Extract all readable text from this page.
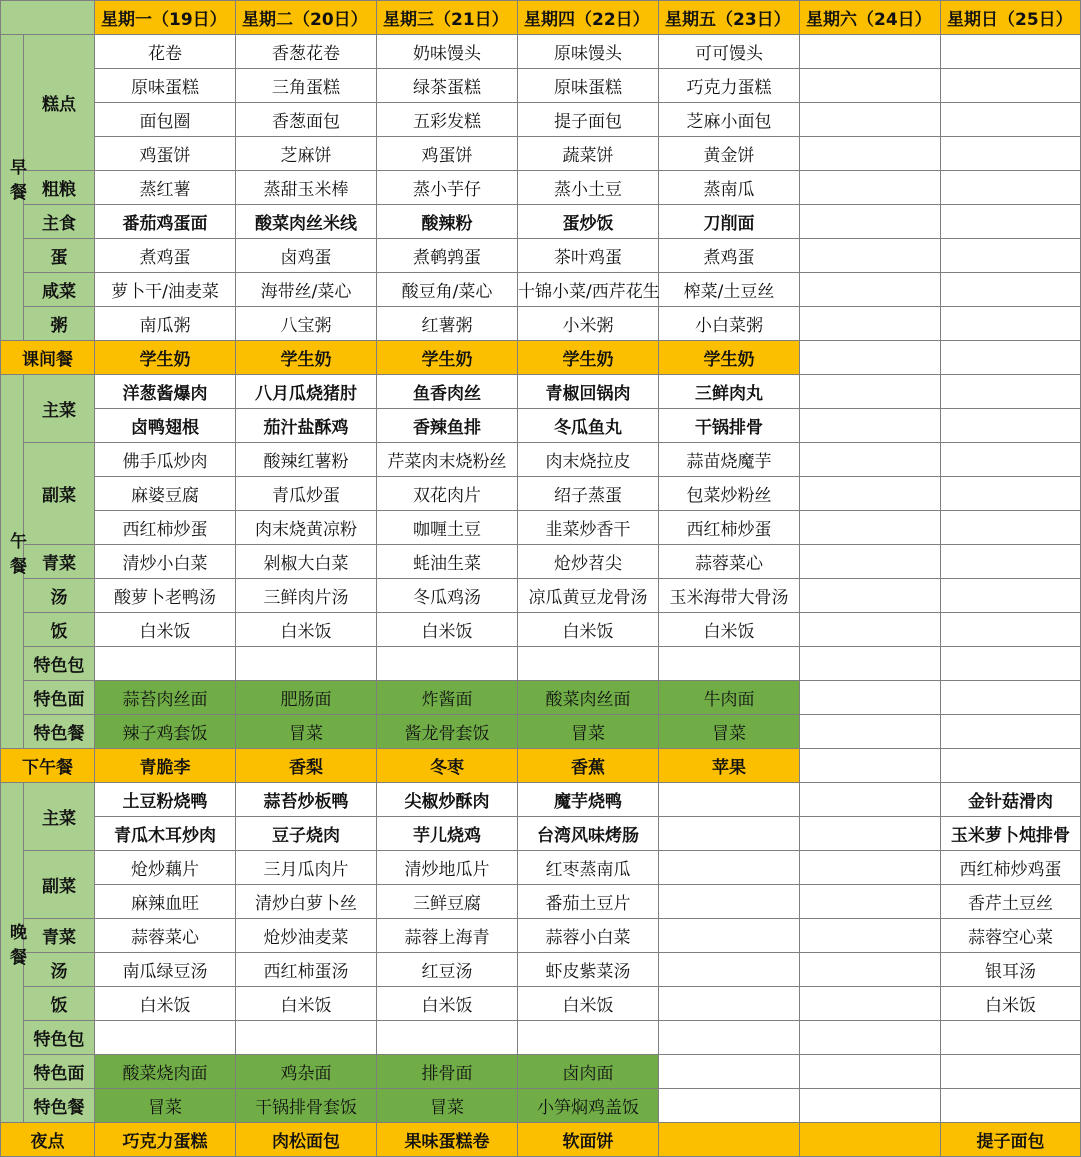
		星期一（19日）	星期二（20日）	星期三（21日）	星期四（22日）	星期五（23日）	星期六（24日）	星期日（25日）
早餐	糕点	花卷	香葱花卷	奶味馒头	原味馒头	可可馒头		
		原味蛋糕	三角蛋糕	绿茶蛋糕	原味蛋糕	巧克力蛋糕		
		面包圈	香葱面包	五彩发糕	提子面包	芝麻小面包		
		鸡蛋饼	芝麻饼	鸡蛋饼	蔬菜饼	黄金饼		
	粗粮	蒸红薯	蒸甜玉米棒	蒸小芋仔	蒸小土豆	蒸南瓜		
	主食	番茄鸡蛋面	酸菜肉丝米线	酸辣粉	蛋炒饭	刀削面		
	蛋	煮鸡蛋	卤鸡蛋	煮鹌鹑蛋	茶叶鸡蛋	煮鸡蛋		
	咸菜	萝卜干/油麦菜	海带丝/菜心	酸豆角/菜心	十锦小菜/西芹花生	榨菜/土豆丝		
	粥	南瓜粥	八宝粥	红薯粥	小米粥	小白菜粥		
课间餐		学生奶	学生奶	学生奶	学生奶	学生奶		
午餐	主菜	洋葱酱爆肉	八月瓜烧猪肘	鱼香肉丝	青椒回锅肉	三鲜肉丸		
		卤鸭翅根	茄汁盐酥鸡	香辣鱼排	冬瓜鱼丸	干锅排骨		
	副菜	佛手瓜炒肉	酸辣红薯粉	芹菜肉末烧粉丝	肉末烧拉皮	蒜苗烧魔芋		
		麻婆豆腐	青瓜炒蛋	双花肉片	绍子蒸蛋	包菜炒粉丝		
		西红柿炒蛋	肉末烧黄凉粉	咖喱土豆	韭菜炒香干	西红柿炒蛋		
	青菜	清炒小白菜	剁椒大白菜	蚝油生菜	炝炒苕尖	蒜蓉菜心		
	汤	酸萝卜老鸭汤	三鲜肉片汤	冬瓜鸡汤	凉瓜黄豆龙骨汤	玉米海带大骨汤		
	饭	白米饭	白米饭	白米饭	白米饭	白米饭		
	特色包							
	特色面	蒜苔肉丝面	肥肠面	炸酱面	酸菜肉丝面	牛肉面		
	特色餐	辣子鸡套饭	冒菜	酱龙骨套饭	冒菜	冒菜		
下午餐		青脆李	香梨	冬枣	香蕉	苹果		
晚餐	主菜	土豆粉烧鸭	蒜苔炒板鸭	尖椒炒酥肉	魔芋烧鸭			金针菇滑肉
		青瓜木耳炒肉	豆子烧肉	芋儿烧鸡	台湾风味烤肠			玉米萝卜炖排骨
	副菜	炝炒藕片	三月瓜肉片	清炒地瓜片	红枣蒸南瓜			西红柿炒鸡蛋
		麻辣血旺	清炒白萝卜丝	三鲜豆腐	番茄土豆片			香芹土豆丝
	青菜	蒜蓉菜心	炝炒油麦菜	蒜蓉上海青	蒜蓉小白菜			蒜蓉空心菜
	汤	南瓜绿豆汤	西红柿蛋汤	红豆汤	虾皮紫菜汤			银耳汤
	饭	白米饭	白米饭	白米饭	白米饭			白米饭
	特色包							
	特色面	酸菜烧肉面	鸡杂面	排骨面	卤肉面			
	特色餐	冒菜	干锅排骨套饭	冒菜	小笋焖鸡盖饭			
夜点		巧克力蛋糕	肉松面包	果味蛋糕卷	软面饼			提子面包
